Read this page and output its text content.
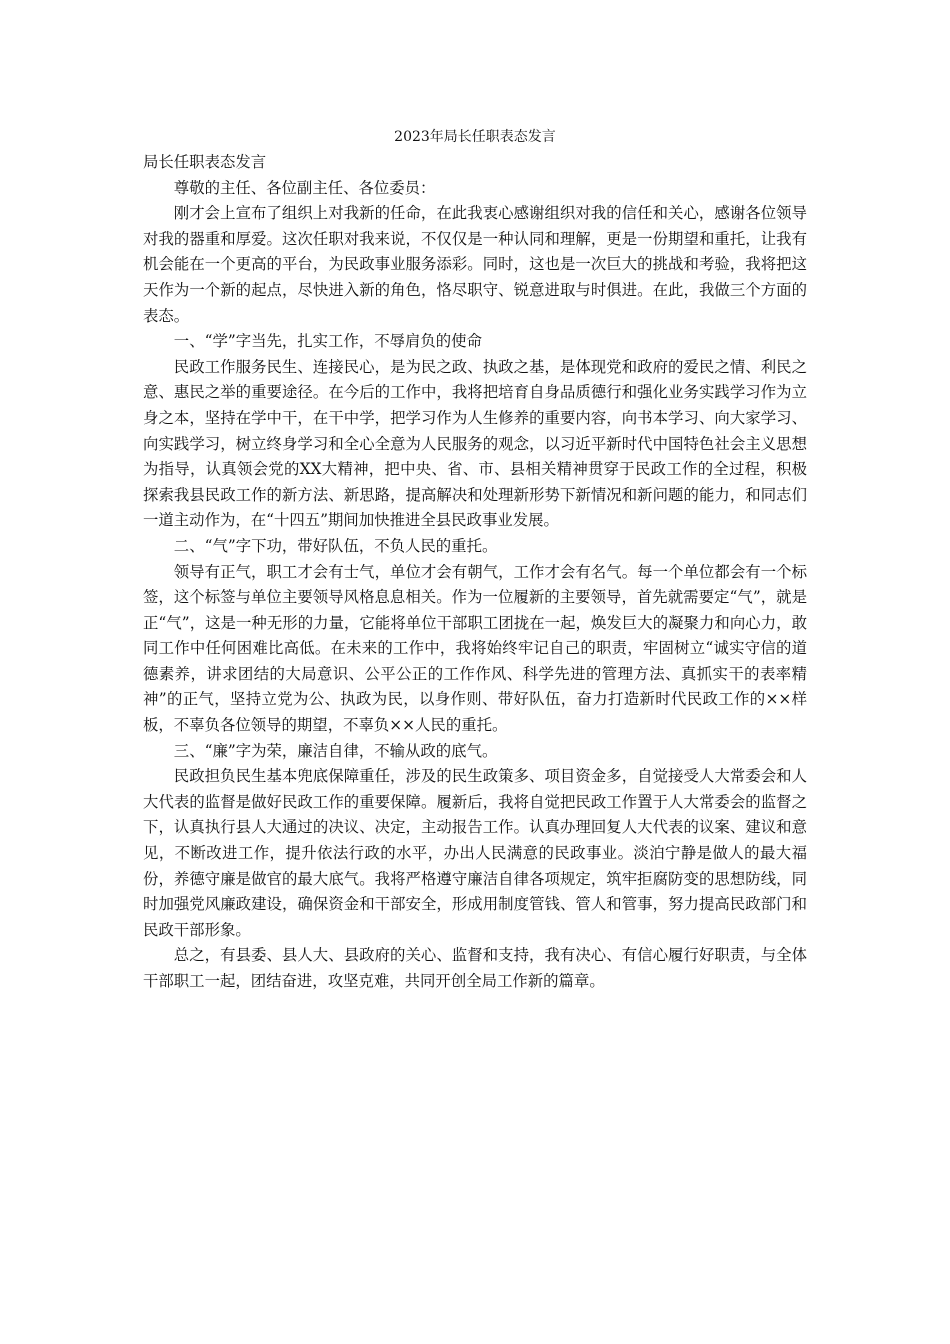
2023年局长任职表态发言

局长任职表态发言

尊敬的主任、各位副主任、各位委员：

刚才会上宣布了组织上对我新的任命，在此我衷心感谢组织对我的信任和关心，感谢各位领导对我的器重和厚爱。这次任职对我来说，不仅仅是一种认同和理解，更是一份期望和重托，让我有机会能在一个更高的平台，为民政事业服务添彩。同时，这也是一次巨大的挑战和考验，我将把这天作为一个新的起点，尽快进入新的角色，恪尽职守、锐意进取与时俱进。在此，我做三个方面的表态。

一、“学”字当先，扎实工作，不辱肩负的使命

民政工作服务民生、连接民心，是为民之政、执政之基，是体现党和政府的爱民之情、利民之意、惠民之举的重要途径。在今后的工作中，我将把培育自身品质德行和强化业务实践学习作为立身之本，坚持在学中干，在干中学，把学习作为人生修养的重要内容，向书本学习、向大家学习、向实践学习，树立终身学习和全心全意为人民服务的观念，以习近平新时代中国特色社会主义思想为指导，认真领会党的XX大精神，把中央、省、市、县相关精神贯穿于民政工作的全过程，积极探索我县民政工作的新方法、新思路，提高解决和处理新形势下新情况和新问题的能力，和同志们一道主动作为，在“十四五”期间加快推进全县民政事业发展。

二、“气”字下功，带好队伍，不负人民的重托。

领导有正气，职工才会有士气，单位才会有朝气，工作才会有名气。每一个单位都会有一个标签，这个标签与单位主要领导风格息息相关。作为一位履新的主要领导，首先就需要定“气”，就是正“气”，这是一种无形的力量，它能将单位干部职工团拢在一起，焕发巨大的凝聚力和向心力，敢同工作中任何困难比高低。在未来的工作中，我将始终牢记自己的职责，牢固树立“诚实守信的道德素养，讲求团结的大局意识、公平公正的工作作风、科学先进的管理方法、真抓实干的表率精神”的正气，坚持立党为公、执政为民，以身作则、带好队伍，奋力打造新时代民政工作的××样板，不辜负各位领导的期望，不辜负××人民的重托。

三、“廉”字为荣，廉洁自律，不输从政的底气。

民政担负民生基本兜底保障重任，涉及的民生政策多、项目资金多，自觉接受人大常委会和人大代表的监督是做好民政工作的重要保障。履新后，我将自觉把民政工作置于人大常委会的监督之下，认真执行县人大通过的决议、决定，主动报告工作。认真办理回复人大代表的议案、建议和意见，不断改进工作，提升依法行政的水平，办出人民满意的民政事业。淡泊宁静是做人的最大福份，养德守廉是做官的最大底气。我将严格遵守廉洁自律各项规定，筑牢拒腐防变的思想防线，同时加强党风廉政建设，确保资金和干部安全，形成用制度管钱、管人和管事，努力提高民政部门和民政干部形象。

总之，有县委、县人大、县政府的关心、监督和支持，我有决心、有信心履行好职责，与全体干部职工一起，团结奋进，攻坚克难，共同开创全局工作新的篇章。
